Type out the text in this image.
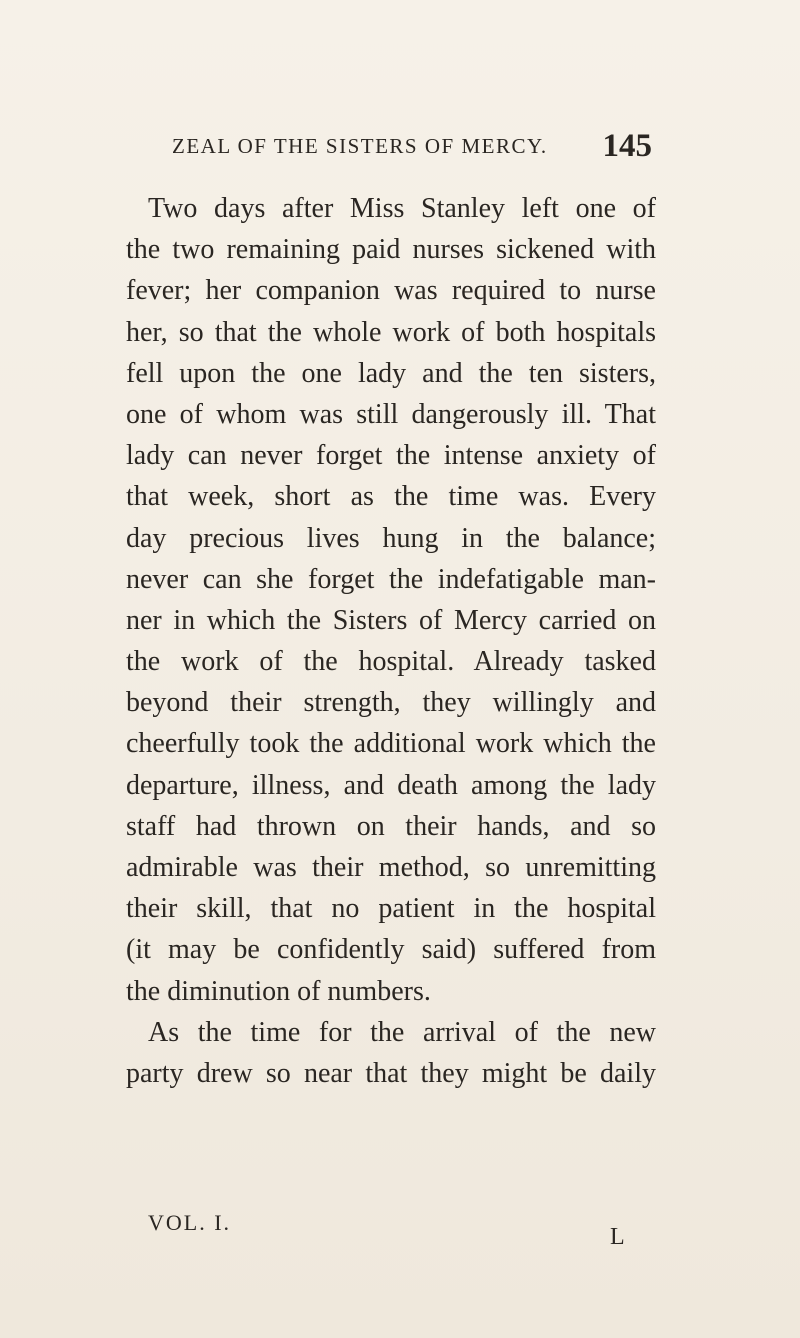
ZEAL OF THE SISTERS OF MERCY. 145
Two days after Miss Stanley left one of
the two remaining paid nurses sickened with
fever; her companion was required to nurse
her, so that the whole work of both hospitals
fell upon the one lady and the ten sisters,
one of whom was still dangerously ill. That
lady can never forget the intense anxiety of
that week, short as the time was. Every
day precious lives hung in the balance;
never can she forget the indefatigable man-
ner in which the Sisters of Mercy carried on
the work of the hospital. Already tasked
beyond their strength, they willingly and
cheerfully took the additional work which the
departure, illness, and death among the lady
staff had thrown on their hands, and so
admirable was their method, so unremitting
their skill, that no patient in the hospital
(it may be confidently said) suffered from
the diminution of numbers.
As the time for the arrival of the new
party drew so near that they might be daily
VOL. I.
L
